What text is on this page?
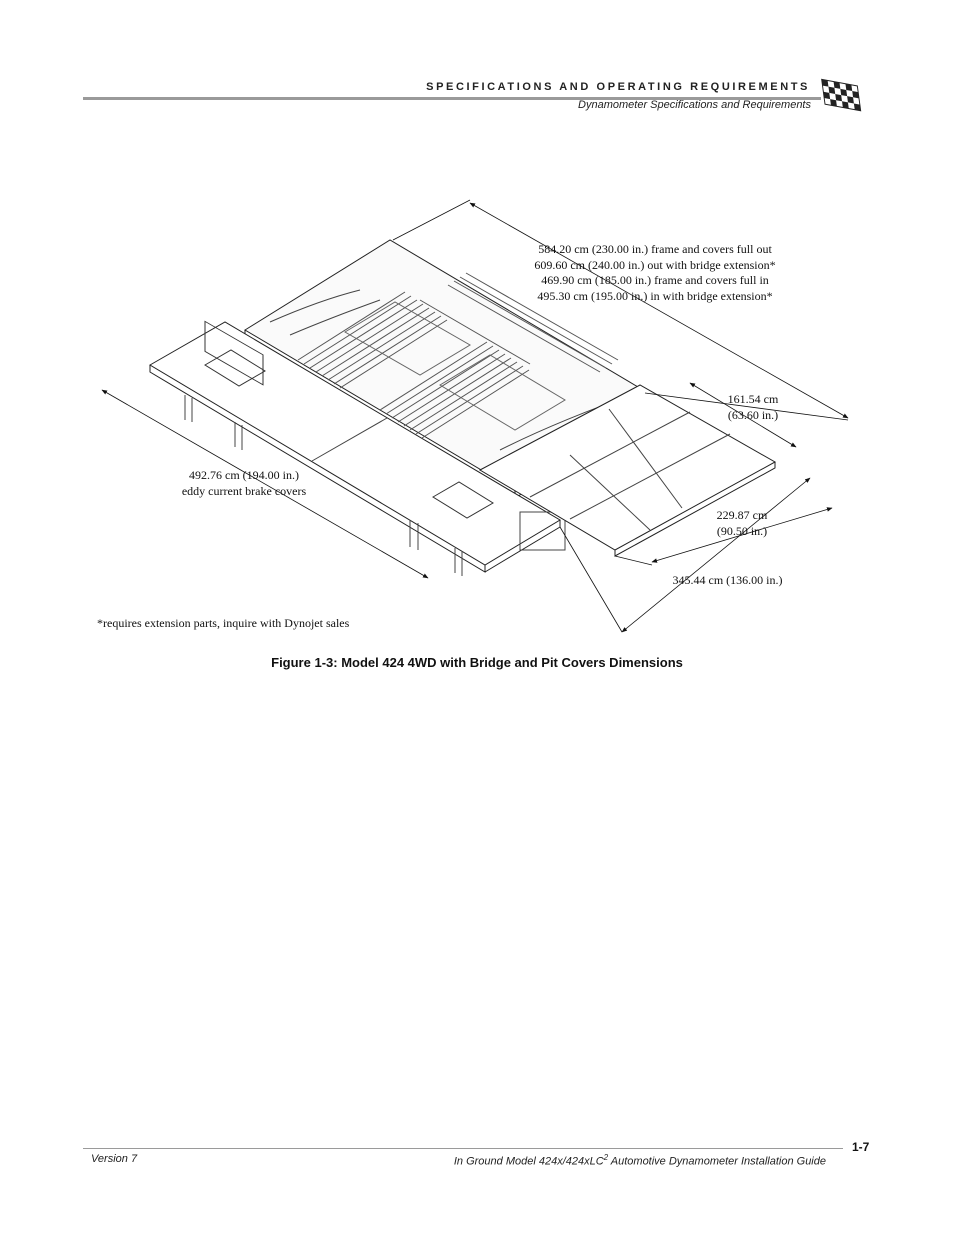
SPECIFICATIONS AND OPERATING REQUIREMENTS
Dynamometer Specifications and Requirements
584.20 cm (230.00 in.) frame and covers full out
609.60 cm (240.00 in.) out with bridge extension*
469.90 cm (185.00 in.) frame and covers full in
495.30 cm (195.00 in.) in with bridge extension*
161.54 cm
(63.60 in.)
229.87 cm
(90.50 in.)
345.44 cm (136.00 in.)
492.76 cm (194.00 in.)
eddy current brake covers
*requires extension parts, inquire with Dynojet sales
Figure 1-3: Model 424 4WD with Bridge and Pit Covers Dimensions
1-7
Version 7	In Ground Model 424x/424xLC$^2$ Automotive Dynamometer Installation Guide
